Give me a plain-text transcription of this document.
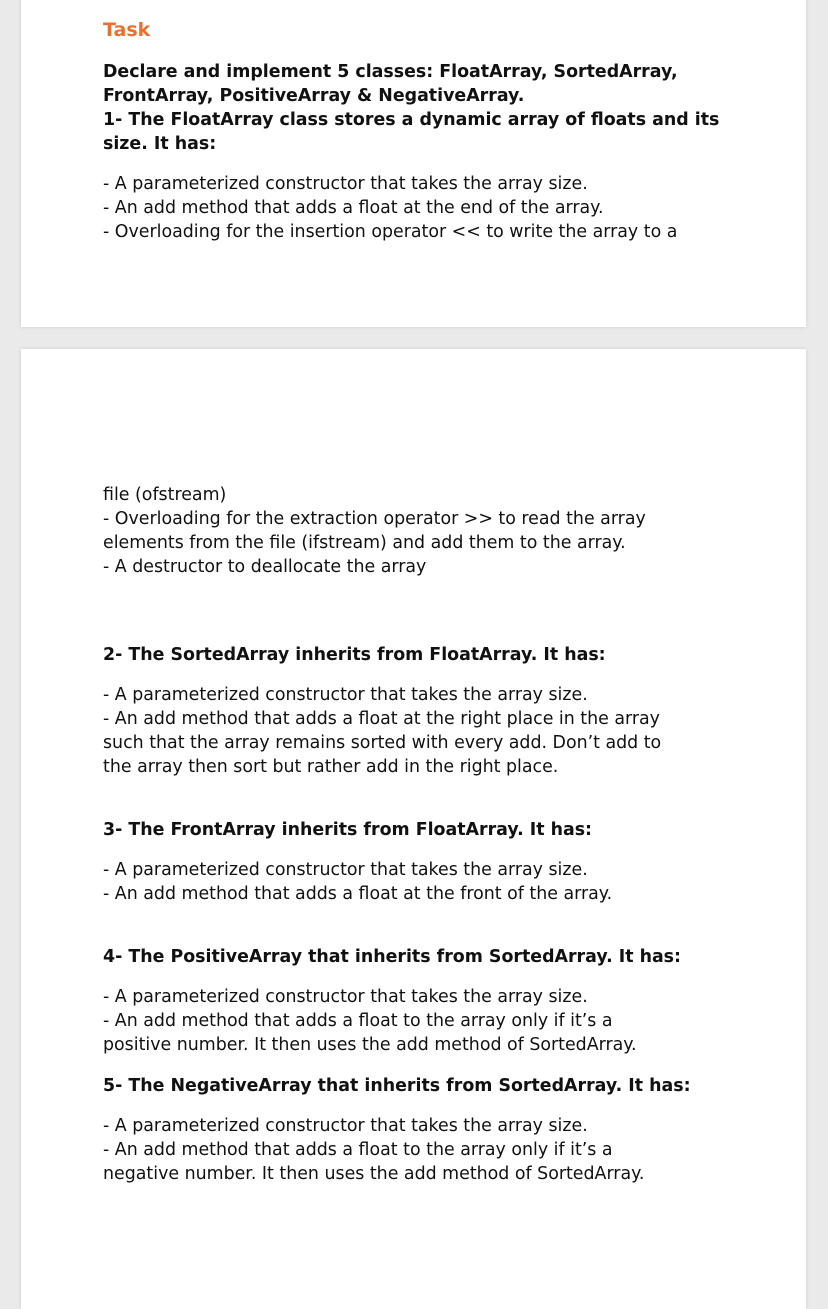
Task

Declare and implement 5 classes: FloatArray, SortedArray,

FrontArray, PositiveArray & NegativeArray.

1- The FloatArray class stores a dynamic array of floats and its

size. It has:

- A parameterized constructor that takes the array size.

- An add method that adds a float at the end of the array.

- Overloading for the insertion operator << to write the array to a

file (ofstream)

- Overloading for the extraction operator >> to read the array

elements from the file (ifstream) and add them to the array.

- A destructor to deallocate the array

2- The SortedArray inherits from FloatArray. It has:

- A parameterized constructor that takes the array size.

- An add method that adds a float at the right place in the array

such that the array remains sorted with every add. Don’t add to

the array then sort but rather add in the right place.

3- The FrontArray inherits from FloatArray. It has:

- A parameterized constructor that takes the array size.

- An add method that adds a float at the front of the array.

4- The PositiveArray that inherits from SortedArray. It has:

- A parameterized constructor that takes the array size.

- An add method that adds a float to the array only if it’s a

positive number. It then uses the add method of SortedArray.

5- The NegativeArray that inherits from SortedArray. It has:

- A parameterized constructor that takes the array size.

- An add method that adds a float to the array only if it’s a

negative number. It then uses the add method of SortedArray.
